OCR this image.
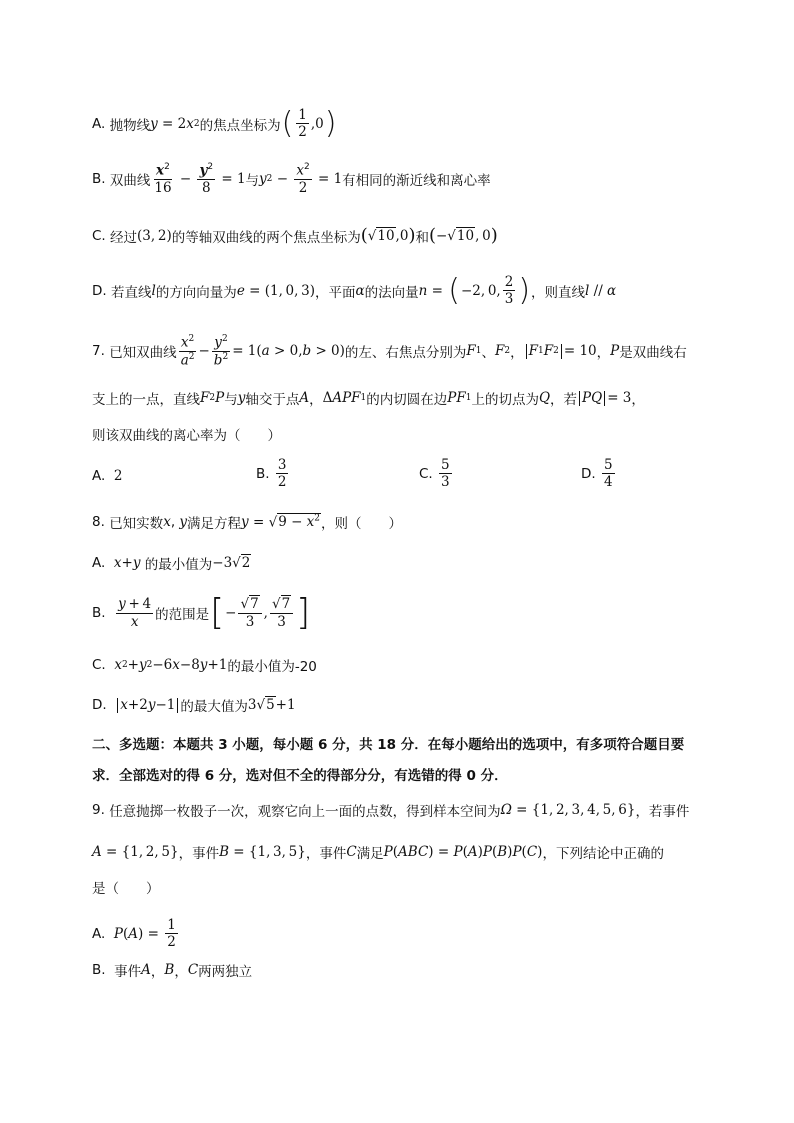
A.
抛物线 y = 2 x 2 的焦点坐标为 ( $\frac{1}{2} ,0$ )
B.
双曲线 $\frac{x^2}{16} - \frac{y^2}{8} = 1$ 与 y $2 - \frac{x^2}{2} = 1$ 有相同的渐近线和离心率
C.
经过 (3, 2) 的等轴双曲线的两个焦点坐标为 ( √10,0 ) 和 ( −√10, 0 )
D.
若直线 l 的方向向量为 e = (1, 0, 3) ，平面 α 的法向量 n = ( −2, 0, $\frac{2}{3}$ ) ，则直线 l // α
7.
已知双曲线 $\frac{x^2}{a^2} - \frac{y^2}{b^2} = 1$( a > 0, b > 0) 的左、右焦点分别为 F 1 、 F 2 ， F 1 F 2 = 10 ， P 是双曲线右
支上的一点，直线 F 2 P 与 y 轴交于点 A ， Δ APF 1 的内切圆在边 PF 1 上的切点为 Q ，若 PQ = 3 ，
则该双曲线的离心率为（　　）
A.
2	B.
$\frac{3}{2}$	C.
$\frac{5}{3}$	D.
$\frac{5}{4}$
8.
已知实数 x , y 满足方程 $y = √9 - x^2$ ，则（　　）
A.
x + y
的最小值为 −3√2
B.
$\frac{y + 4}{x}$ 的范围是 [ − $\frac{√7}{3}$ , $\frac{√7}{3}$ ]
C.
x 2 + y 2 −6 x −8 y +1 的最小值为-20
D.
x +2 y −1 的最大值为 3√5+1
二、多选题：本题共 3 小题，每小题 6 分，共 18 分．在每小题给出的选项中，有多项符合题目要
求．全部选对的得 6 分，选对但不全的得部分分，有选错的得 0 分．
9.
任意抛掷一枚骰子一次，观察它向上一面的点数，得到样本空间为 Ω = {1, 2, 3, 4, 5, 6} ，若事件
A = {1, 2, 5} ，事件 B = {1, 3, 5} ，事件 C 满足 P ( ABC ) = P ( A ) P ( B ) P ( C ) ，下列结论中正确的
是（　　）
A.
P ( A ) = $\frac{1}{2}$
B.
事件 A ， B ， C 两两独立
